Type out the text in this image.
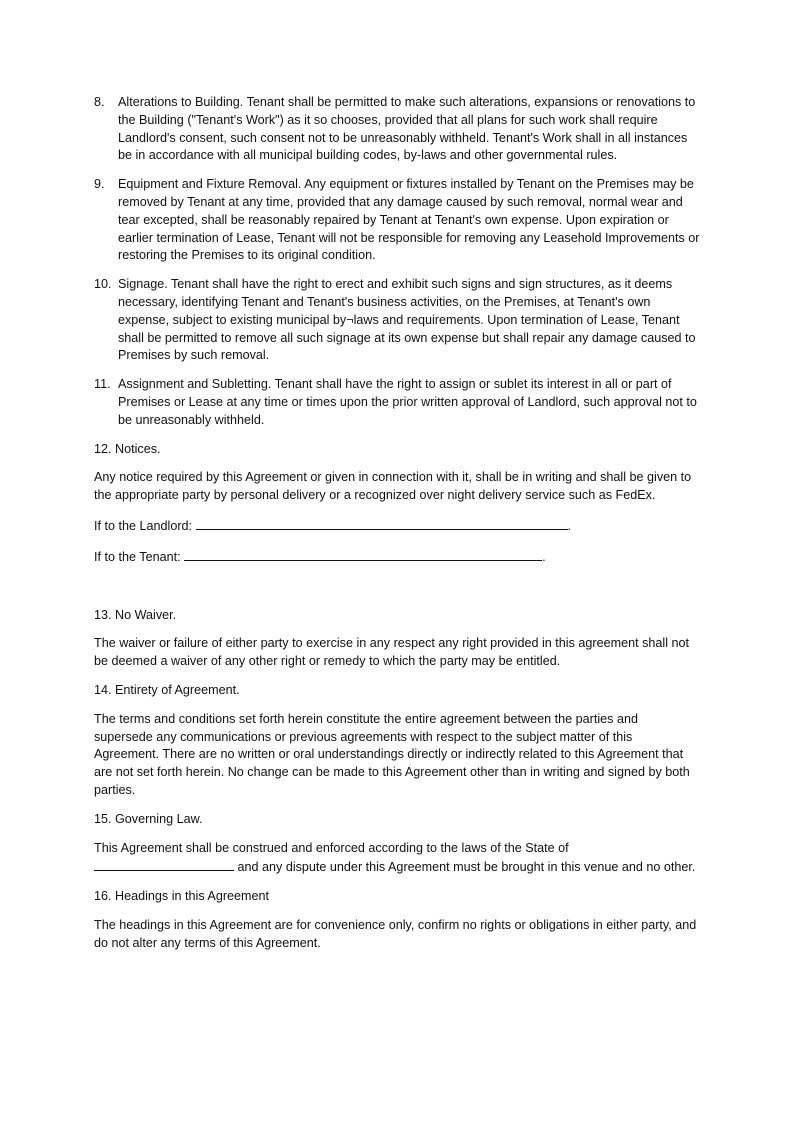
8.	Alterations to Building. Tenant shall be permitted to make such alterations, expansions or renovations to the Building ("Tenant's Work") as it so chooses, provided that all plans for such work shall require Landlord's consent, such consent not to be unreasonably withheld. Tenant's Work shall in all instances be in accordance with all municipal building codes, by-laws and other governmental rules.
9.	Equipment and Fixture Removal. Any equipment or fixtures installed by Tenant on the Premises may be removed by Tenant at any time, provided that any damage caused by such removal, normal wear and tear excepted, shall be reasonably repaired by Tenant at Tenant's own expense. Upon expiration or earlier termination of Lease, Tenant will not be responsible for removing any Leasehold Improvements or restoring the Premises to its original condition.
10. Signage. Tenant shall have the right to erect and exhibit such signs and sign structures, as it deems necessary, identifying Tenant and Tenant's business activities, on the Premises, at Tenant's own expense, subject to existing municipal by¬laws and requirements. Upon termination of Lease, Tenant shall be permitted to remove all such signage at its own expense but shall repair any damage caused to Premises by such removal.
11. Assignment and Subletting. Tenant shall have the right to assign or sublet its interest in all or part of Premises or Lease at any time or times upon the prior written approval of Landlord, such approval not to be unreasonably withheld.

12. Notices.

Any notice required by this Agreement or given in connection with it, shall be in writing and shall be given to the appropriate party by personal delivery or a recognized over night delivery service such as FedEx.

If to the Landlord:	.

If to the Tenant:	.

13. No Waiver.

The waiver or failure of either party to exercise in any respect any right provided in this agreement shall not be deemed a waiver of any other right or remedy to which the party may be entitled.

14. Entirety of Agreement.

The terms and conditions set forth herein constitute the entire agreement between the parties and supersede any communications or previous agreements with respect to the subject matter of this Agreement. There are no written or oral understandings directly or indirectly related to this Agreement that are not set forth herein. No change can be made to this Agreement other than in writing and signed by both parties.

15. Governing Law.

This Agreement shall be construed and enforced according to the laws of the State of  and any dispute under this Agreement must be brought in this venue and no other.

16. Headings in this Agreement

The headings in this Agreement are for convenience only, confirm no rights or obligations in either party, and do not alter any terms of this Agreement.
